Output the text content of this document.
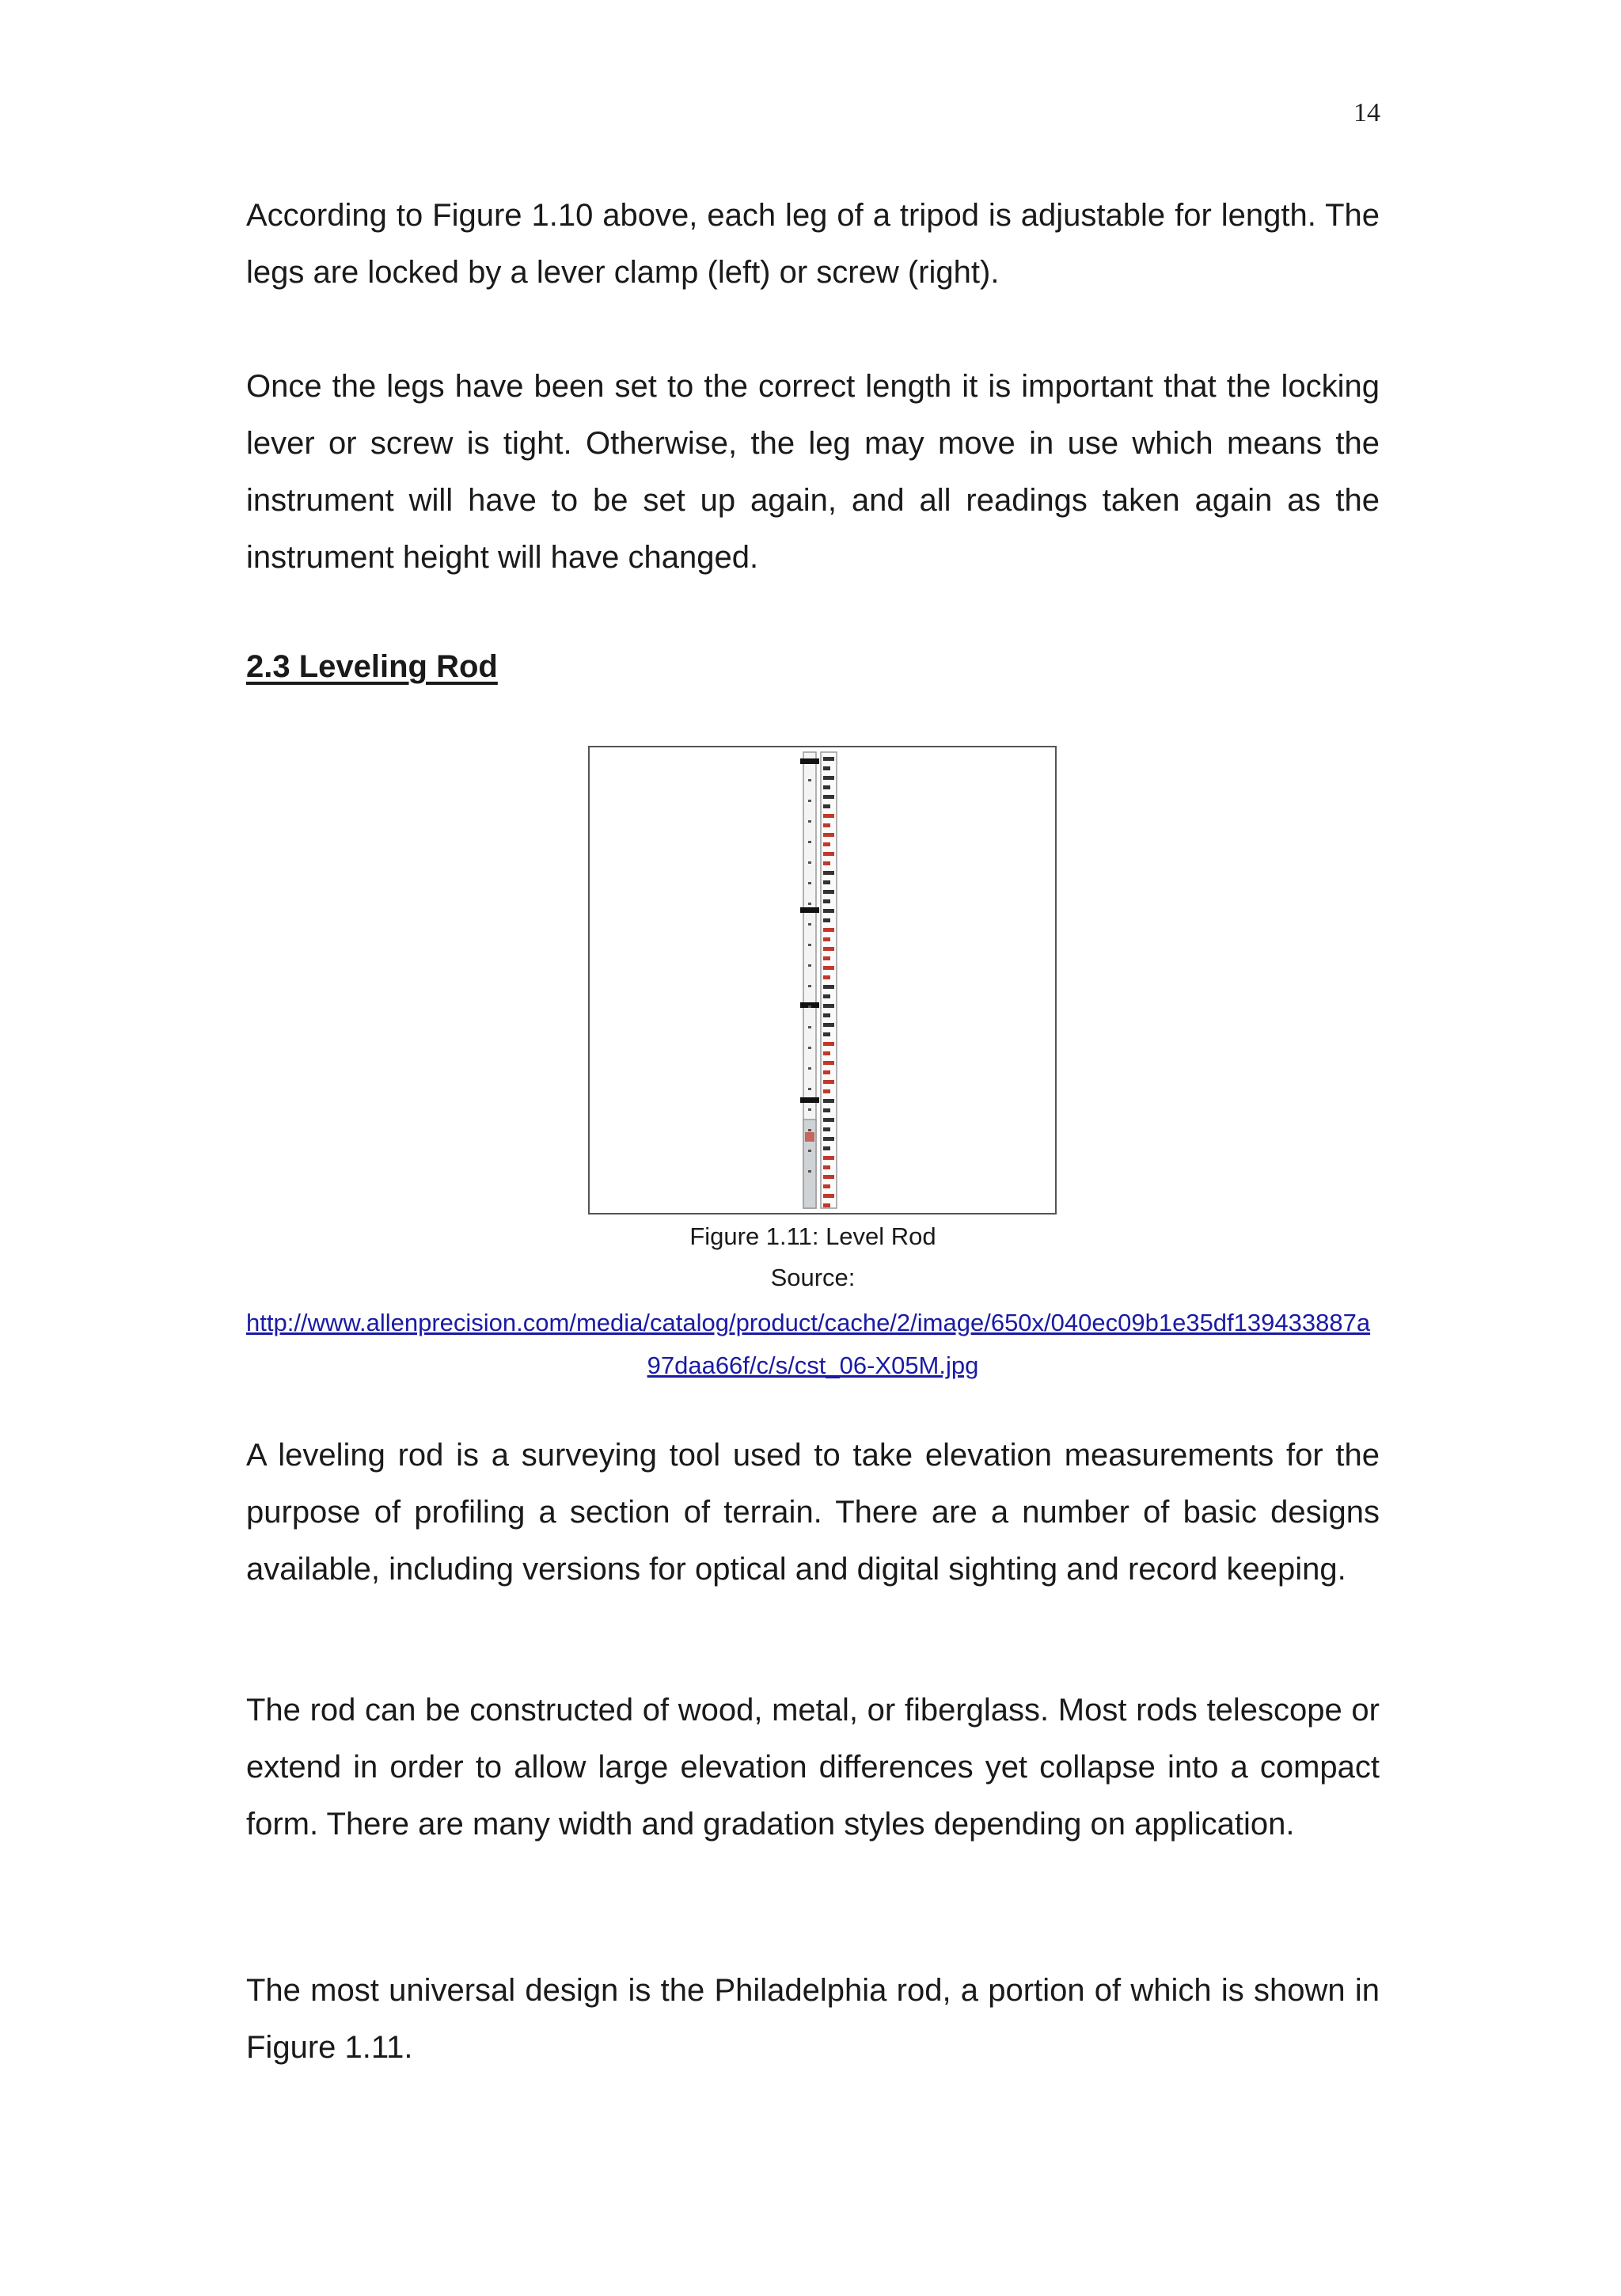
14

According to Figure 1.10 above, each leg of a tripod is adjustable for length. The legs are locked by a lever clamp (left) or screw (right).

Once the legs have been set to the correct length it is important that the locking lever or screw is tight. Otherwise, the leg may move in use which means the instrument will have to be set up again, and all readings taken again as the instrument height will have changed.

2.3 Leveling Rod

Figure 1.11: Level Rod

Source:

http://www.allenprecision.com/media/catalog/product/cache/2/image/650x/040ec09b1e35df139433887a
97daa66f/c/s/cst_06-X05M.jpg

A leveling rod is a surveying tool used to take elevation measurements for the purpose of profiling a section of terrain. There are a number of basic designs available, including versions for optical and digital sighting and record keeping.

The rod can be constructed of wood, metal, or fiberglass. Most rods telescope or extend in order to allow large elevation differences yet collapse into a compact form. There are many width and gradation styles depending on application.

The most universal design is the Philadelphia rod, a portion of which is shown in Figure 1.11.
